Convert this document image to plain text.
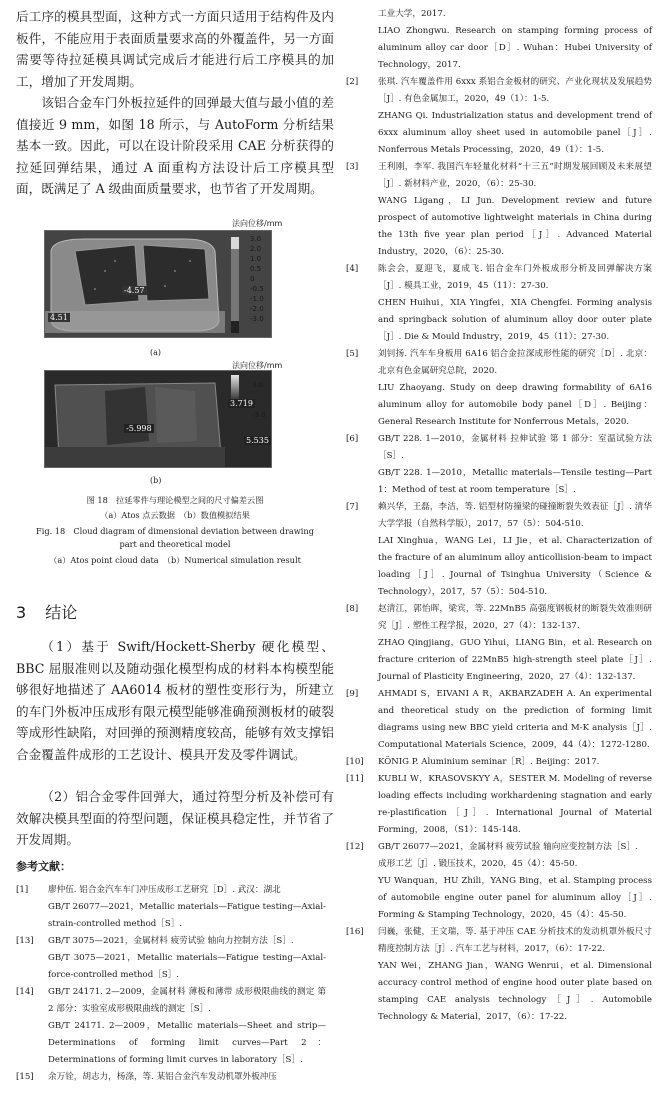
后工序的模具型面，这种方式一方面只适用于结构件及内板件，不能应用于表面质量要求高的外覆盖件，另一方面需要等待拉延模具调试完成后才能进行后工序模具的加工，增加了开发周期。

该铝合金车门外板拉延件的回弹最大值与最小值的差值接近 9 mm，如图 18 所示，与 AutoForm 分析结果基本一致。因此，可以在设计阶段采用 CAE 分析获得的拉延回弹结果，通过 A 面重构方法设计后工序模具型面，既满足了 A 级曲面质量要求，也节省了开发周期。

法向位移/mm
3.0
2.0
1.0
0.5
0
-0.5
-1.0
-2.0
-3.0
-4.57
4.51
(a)
法向位移/mm
3.0
-3.0
3.719
-5.998
5.535
(b)

图 18　拉延零件与理论模型之间的尺寸偏差云图

（a）Atos 点云数据　（b）数值模拟结果

Fig. 18　Cloud diagram of dimensional deviation between drawing

part and theoretical model

（a）Atos point cloud data　（b）Numerical simulation result

3 结论

（1）基于 Swift/Hockett-Sherby 硬化模型、BBC 屈服准则以及随动强化模型构成的材料本构模型能够很好地描述了 AA6014 板材的塑性变形行为，所建立的车门外板冲压成形有限元模型能够准确预测板材的破裂等成形性缺陷，对回弹的预测精度较高，能够有效支撑铝合金覆盖件成形的工艺设计、模具开发及零件调试。

（2）铝合金零件回弹大，通过符型分析及补偿可有效解决模具型面的符型问题，保证模具稳定性，并节省了开发周期。

参考文献：

[1] 廖仲伍. 铝合金汽车车门冲压成形工艺研究［D］. 武汉：湖北

GB/T 26077—2021，Metallic materials—Fatigue testing—Axial-strain-controlled method［S］.

[13] GB/T 3075—2021，金属材料 疲劳试验 轴向力控制方法［S］.

GB/T 3075—2021，Metallic materials—Fatigue testing—Axial-force-controlled method［S］.

[14] GB/T 24171. 2—2009，金属材料 薄板和薄带 成形极限曲线的测定 第 2 部分：实验室成形极限曲线的测定［S］.

GB/T 24171. 2—2009，Metallic materials—Sheet and strip—Determinations of forming limit curves—Part 2：Determinations of forming limit curves in laboratory［S］.

[15] 余万铨，胡志力，杨涤，等. 某铝合金汽车发动机罩外板冲压

工业大学，2017.

LIAO Zhongwu. Research on stamping forming process of aluminum alloy car door［D］. Wuhan：Hubei University of Technology，2017.

[2] 张琪. 汽车覆盖件用 6xxx 系铝合金板材的研究、产业化现状及发展趋势［J］. 有色金属加工，2020，49（1）：1-5.

ZHANG Qi. Industrialization status and development trend of 6xxx aluminum alloy sheet used in automobile panel［J］. Nonferrous Metals Processing，2020，49（1）：1-5.

[3] 王利刚，李军. 我国汽车轻量化材料“十三五”时期发展回顾及未来展望［J］. 新材料产业，2020，（6）：25-30.

WANG Ligang，LI Jun. Development review and future prospect of automotive lightweight materials in China during the 13th five year plan period［J］. Advanced Material Industry，2020，（6）：25-30.

[4] 陈会会，夏迎飞，夏成飞. 铝合金车门外板成形分析及回弹解决方案［J］. 模具工业，2019，45（11）：27-30.

CHEN Huihui，XIA Yingfei，XIA Chengfei. Forming analysis and springback solution of aluminum alloy door outer plate［J］. Die & Mould Industry，2019，45（11）：27-30.

[5] 刘钊扬. 汽车车身板用 6A16 铝合金拉深成形性能的研究［D］. 北京：北京有色金属研究总院，2020.

LIU Zhaoyang. Study on deep drawing formability of 6A16 aluminum alloy for automobile body panel［D］. Beijing：General Research Institute for Nonferrous Metals，2020.

[6] GB/T 228. 1—2010，金属材料 拉伸试验 第 1 部分：室温试验方法［S］.

GB/T 228. 1—2010，Metallic materials—Tensile testing—Part 1：Method of test at room temperature［S］.

[7] 赖兴华，王磊，李洁，等. 铝型材防撞梁的碰撞断裂失效表征［J］. 清华大学学报（自然科学版），2017，57（5）：504-510.

LAI Xinghua，WANG Lei，LI Jie，et al. Characterization of the fracture of an aluminum alloy anticollision-beam to impact loading［J］. Journal of Tsinghua University（Science & Technology），2017，57（5）：504-510.

[8] 赵清江，郭怡晖，梁宾，等. 22MnB5 高强度钢板材的断裂失效准则研究［J］. 塑性工程学报，2020，27（4）：132-137.

ZHAO Qingjiang，GUO Yihui，LIANG Bin，et al. Research on fracture criterion of 22MnB5 high-strength steel plate［J］. Journal of Plasticity Engineering，2020，27（4）：132-137.

[9] AHMADI S，EIVANI A R，AKBARZADEH A. An experimental and theoretical study on the prediction of forming limit diagrams using new BBC yield criteria and M-K analysis［J］. Computational Materials Science，2009，44（4）：1272-1280.

[10] KÖNIG P. Aluminium seminar［R］. Beijing：2017.

[11] KUBLI W，KRASOVSKYY A，SESTER M. Modeling of reverse loading effects including workhardening stagnation and early re-plastification［J］. International Journal of Material Forming，2008，（S1）：145-148.

[12] GB/T 26077—2021，金属材料 疲劳试验 轴向应变控制方法［S］.

成形工艺［J］. 锻压技术，2020，45（4）：45-50.

YU Wanquan，HU Zhili，YANG Bing，et al. Stamping process of automobile engine outer panel for aluminum alloy［J］. Forming & Stamping Technology，2020，45（4）：45-50.

[16] 闫巍，张健，王文瑞，等. 基于冲压 CAE 分析技术的发动机罩外板尺寸精度控制方法［J］. 汽车工艺与材料，2017，（6）：17-22.

YAN Wei，ZHANG Jian，WANG Wenrui，et al. Dimensional accuracy control method of engine hood outer plate based on stamping CAE analysis technology［J］. Automobile Technology & Material，2017，（6）：17-22.
